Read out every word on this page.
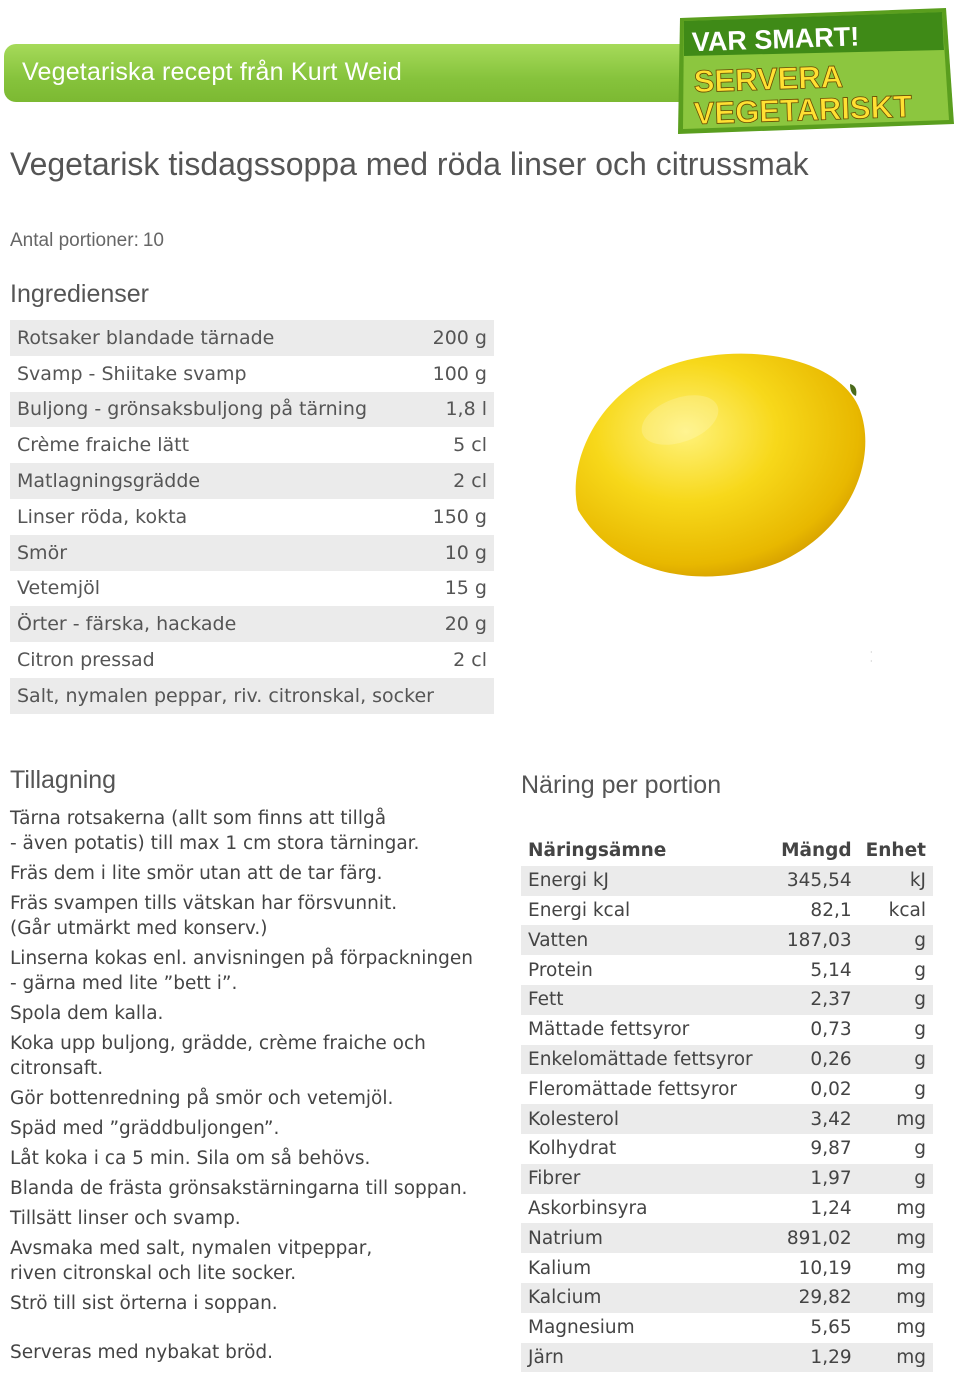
Vegetariska recept från Kurt Weid
VAR SMART!
SERVERA
VEGETARISKT
Vegetarisk tisdagssoppa med röda linser och citrussmak
Antal portioner: 10
Ingredienser
Rotsaker blandade tärnade	200 g
Svamp - Shiitake svamp	100 g
Buljong - grönsaksbuljong på tärning	1,8 l
Crème fraiche lätt	5 cl
Matlagningsgrädde	2 cl
Linser röda, kokta	150 g
Smör	10 g
Vetemjöl	15 g
Örter - färska, hackade	20 g
Citron pressad	2 cl
Salt, nymalen peppar, riv. citronskal, socker	
· ·
Tillagning

Tärna rotsakerna (allt som finns att tillgå
- även potatis) till max 1 cm stora tärningar.

Fräs dem i lite smör utan att de tar färg.

Fräs svampen tills vätskan har försvunnit.
(Går utmärkt med konserv.)

Linserna kokas enl. anvisningen på förpackningen
- gärna med lite ”bett i”.

Spola dem kalla.

Koka upp buljong, grädde, crème fraiche och
citronsaft.

Gör bottenredning på smör och vetemjöl.

Späd med ”gräddbuljongen”.

Låt koka i ca 5 min. Sila om så behövs.

Blanda de frästa grönsakstärningarna till soppan.

Tillsätt linser och svamp.

Avsmaka med salt, nymalen vitpeppar,
riven citronskal och lite socker.

Strö till sist örterna i soppan.

Serveras med nybakat bröd.
Näring per portion
Näringsämne	Mängd	Enhet
Energi kJ	345,54	kJ
Energi kcal	82,1	kcal
Vatten	187,03	g
Protein	5,14	g
Fett	2,37	g
Mättade fettsyror	0,73	g
Enkelomättade fettsyror	0,26	g
Fleromättade fettsyror	0,02	g
Kolesterol	3,42	mg
Kolhydrat	9,87	g
Fibrer	1,97	g
Askorbinsyra	1,24	mg
Natrium	891,02	mg
Kalium	10,19	mg
Kalcium	29,82	mg
Magnesium	5,65	mg
Järn	1,29	mg
